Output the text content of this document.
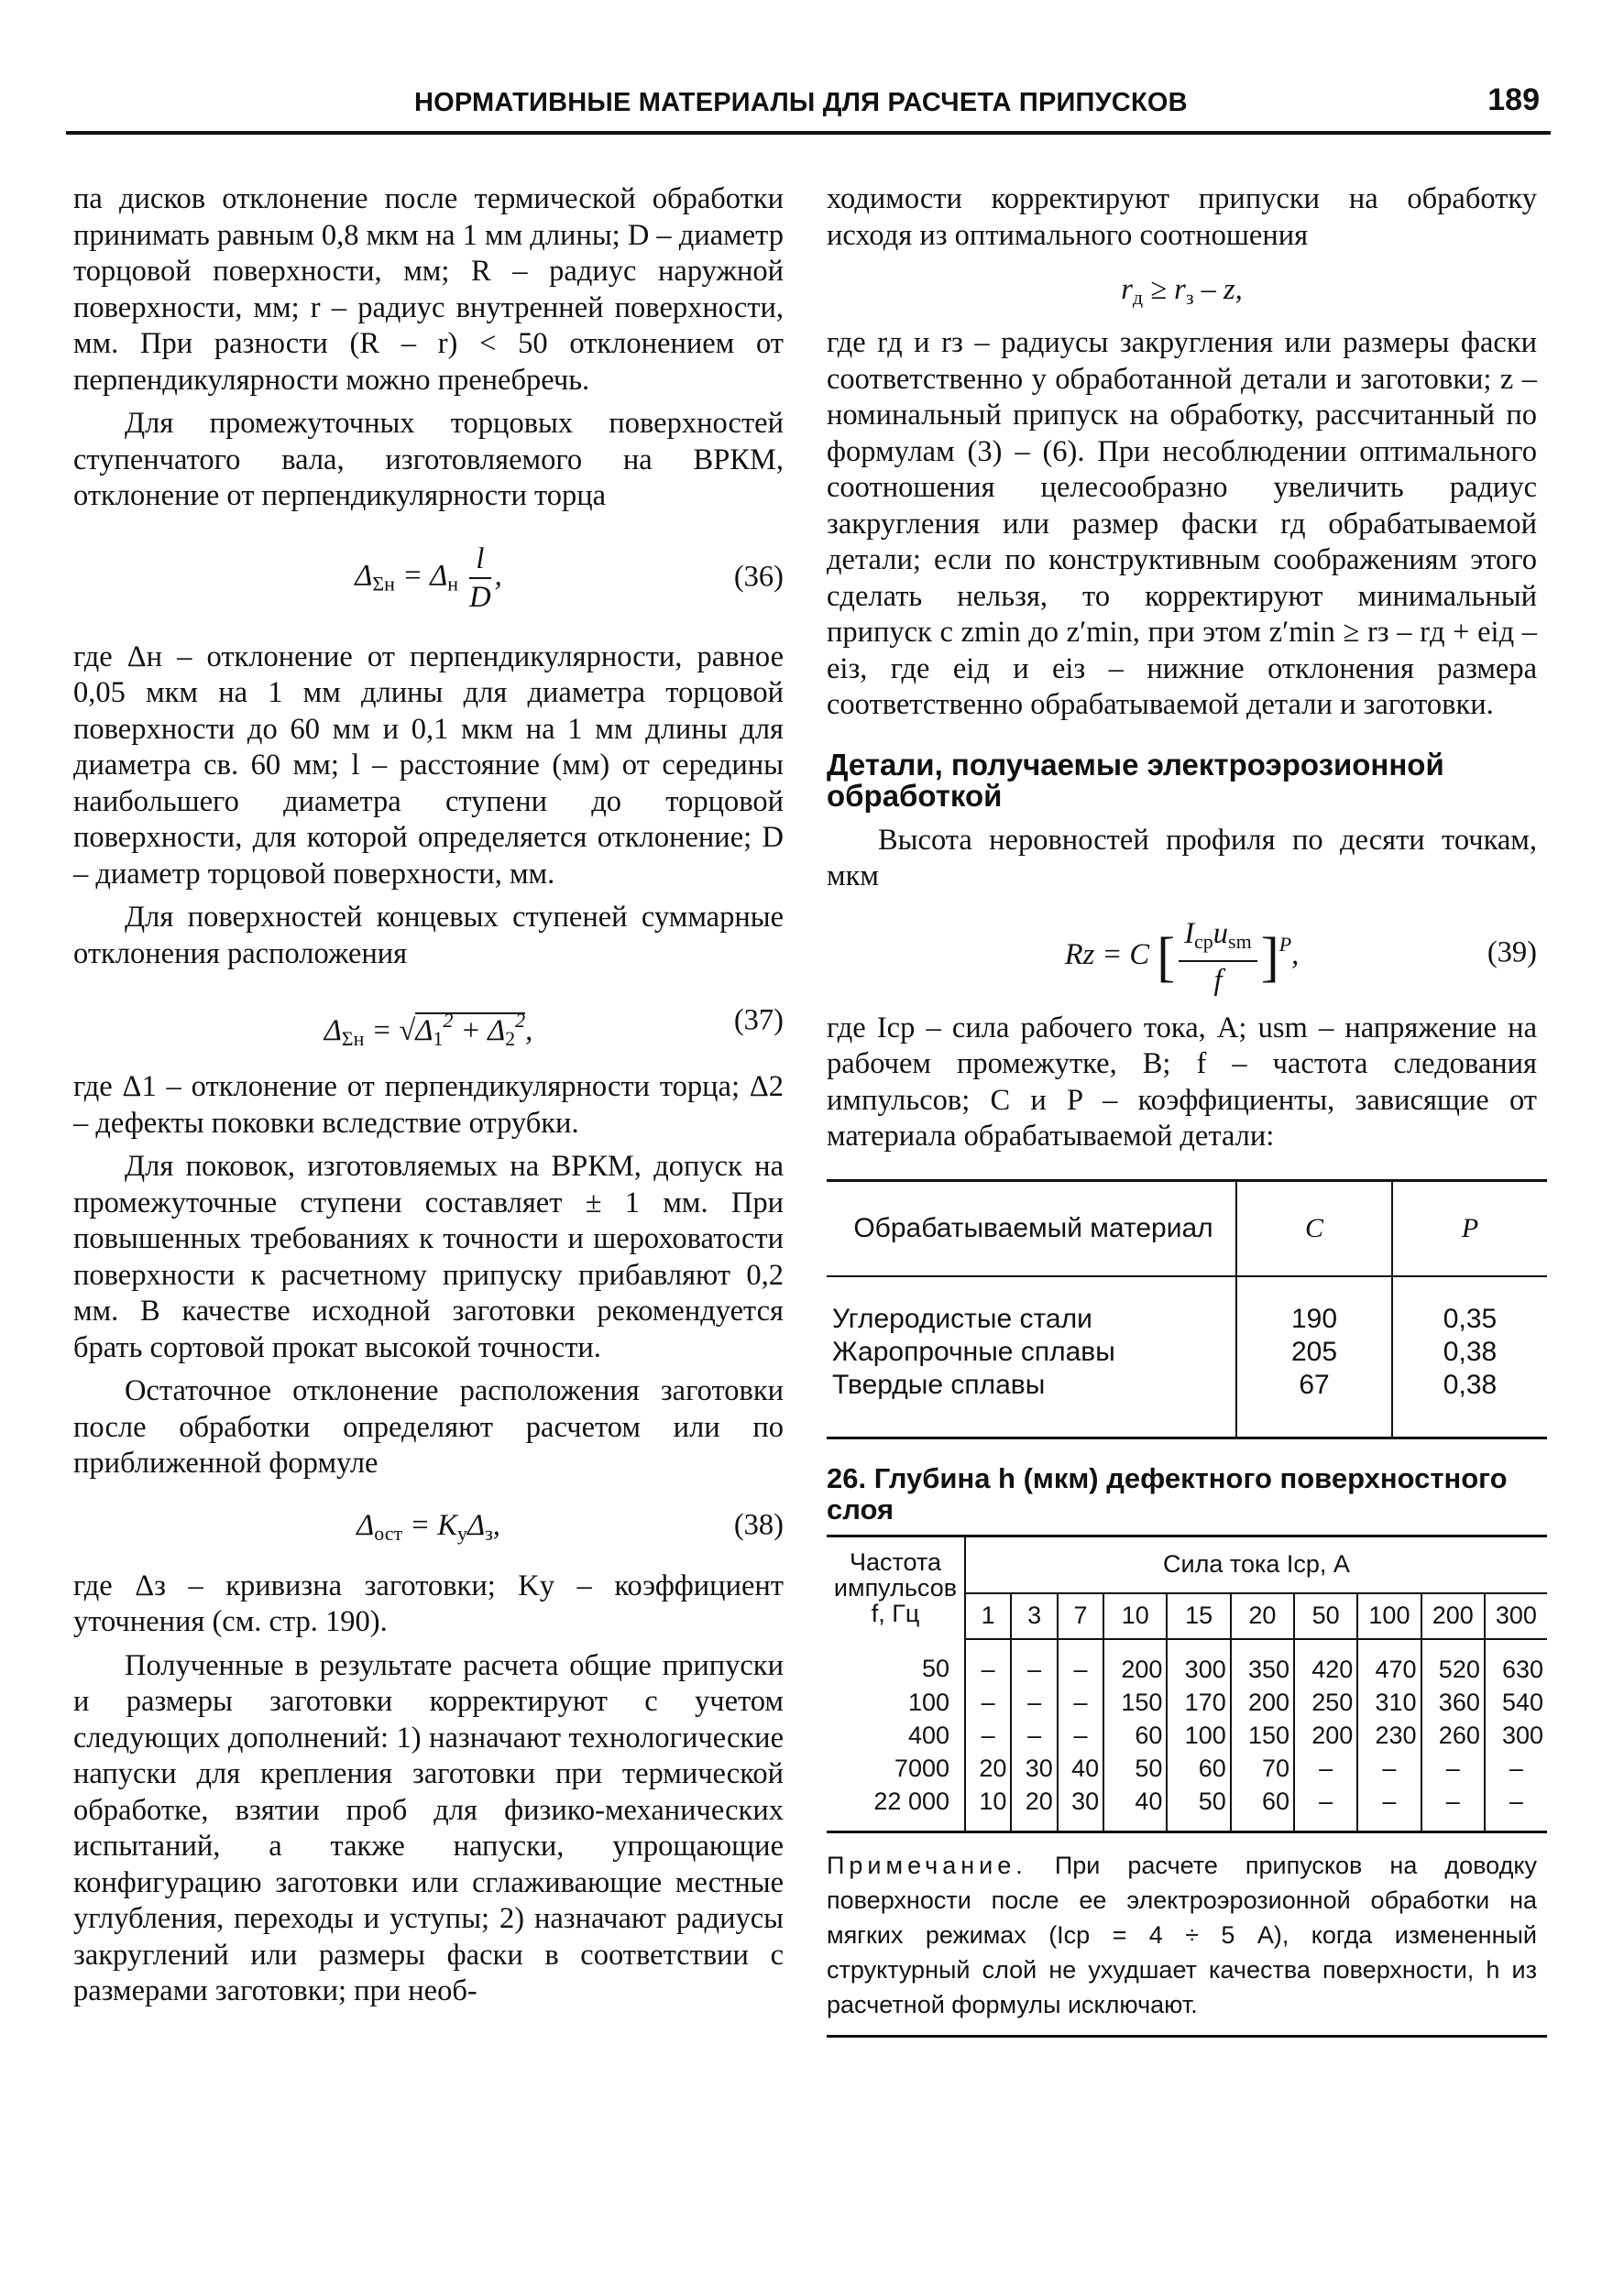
НОРМАТИВНЫЕ МАТЕРИАЛЫ ДЛЯ РАСЧЕТА ПРИПУСКОВ	189

па дисков отклонение после термической обработки принимать равным 0,8 мкм на 1 мм длины; D – диаметр торцовой поверхности, мм; R – радиус наружной поверхности, мм; r – радиус внутренней поверхности, мм. При разности (R – r) < 50 отклонением от перпендикулярности можно пренебречь.

Для промежуточных торцовых поверхностей ступенчатого вала, изготовляемого на ВРКМ, отклонение от перпендикулярности торца

$\Delta_{\Sigma н} = \Delta_н \frac{l}{D}$ ,	(36)

где Δн – отклонение от перпендикулярности, равное 0,05 мкм на 1 мм длины для диаметра торцовой поверхности до 60 мм и 0,1 мкм на 1 мм длины для диаметра св. 60 мм; l – расстояние (мм) от середины наибольшего диаметра ступени до торцовой поверхности, для которой определяется отклонение; D – диаметр торцовой поверхности, мм.

Для поверхностей концевых ступеней суммарные отклонения расположения

$\Delta_{\Sigma н} = √\Delta_1^2 + \Delta_2^2$,	(37)

где Δ1 – отклонение от перпендикулярности торца; Δ2 – дефекты поковки вследствие отрубки.

Для поковок, изготовляемых на ВРКМ, допуск на промежуточные ступени составляет ± 1 мм. При повышенных требованиях к точности и шероховатости поверхности к расчетному припуску прибавляют 0,2 мм. В качестве исходной заготовки рекомендуется брать сортовой прокат высокой точности.

Остаточное отклонение расположения заготовки после обработки определяют расчетом или по приближенной формуле

$\Delta_{ост} = K_у\Delta_з$,	(38)

где Δз – кривизна заготовки; Kу – коэффициент уточнения (см. стр. 190).

Полученные в результате расчета общие припуски и размеры заготовки корректируют с учетом следующих дополнений: 1) назначают технологические напуски для крепления заготовки при термической обработке, взятии проб для физико-механических испытаний, а также напуски, упрощающие конфигурацию заготовки или сглаживающие местные углубления, переходы и уступы; 2) назначают радиусы закруглений или размеры фаски в соответствии с размерами заготовки; при необ-

ходимости корректируют припуски на обработку исходя из оптимального соотношения

$r_д \ge r_з - z$,

где rд и rз – радиусы закругления или размеры фаски соответственно у обработанной детали и заготовки; z – номинальный припуск на обработку, рассчитанный по формулам (3) – (6). При несоблюдении оптимального соотношения целесообразно увеличить радиус закругления или размер фаски rд обрабатываемой детали; если по конструктивным соображениям этого сделать нельзя, то корректируют минимальный припуск с zmin до z′min, при этом z′min ≥ rз – rд + eiд – eiз, где eiд и eiз – нижние отклонения размера соответственно обрабатываемой детали и заготовки.

Детали, получаемые электроэрозионной обработкой

Высота неровностей профиля по десяти точкам, мкм

Rz = C [ $\frac{I_{ср}u_{sm}}{f} ]^P$,	(39)

где Iср – сила рабочего тока, А; usm – напряжение на рабочем промежутке, В; f – частота следования импульсов; C и P – коэффициенты, зависящие от материала обрабатываемой детали:

Обрабатываемый материал	C	P
Углеродистые стали	190	0,35
Жаропрочные сплавы	205	0,38
Твердые сплавы	67	0,38
26. Глубина h (мкм) дефектного поверхностного слоя
Частота импульсов f, Гц	Сила тока Iср, А									
	1	3	7	10	15	20	50	100	200	300
50	–	–	–	200	300	350	420	470	520	630
100	–	–	–	150	170	200	250	310	360	540
400	–	–	–	60	100	150	200	230	260	300
7000	20	30	40	50	60	70	–	–	–	–
22 000	10	20	30	40	50	60	–	–	–	–

Примечание. При расчете припусков на доводку поверхности после ее электроэрозионной обработки на мягких режимах (Iср = 4 ÷ 5 А), когда измененный структурный слой не ухудшает качества поверхности, h из расчетной формулы исключают.
